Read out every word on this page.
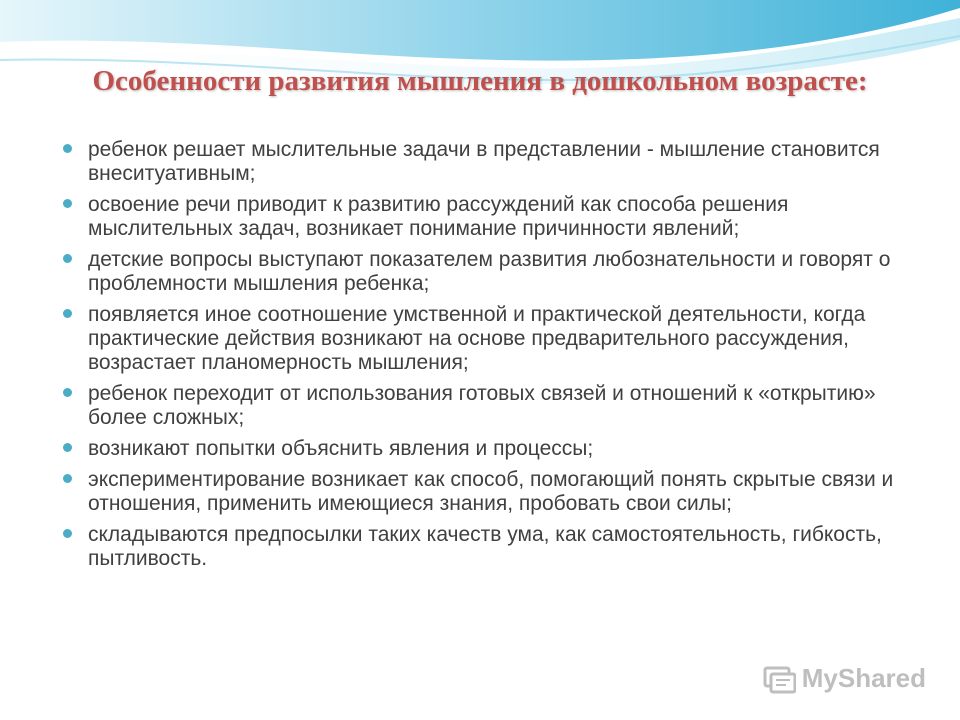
Особенности развития мышления в дошкольном возрасте:
ребенок решает мыслительные задачи в представлении - мышление становится внеситуативным;
освоение речи приводит к развитию рассуждений как способа решения мыслительных задач, возникает понимание причинности явлений;
детские вопросы выступают показателем развития любознательности и говорят о проблемности мышления ребенка;
появляется иное соотношение умственной и практической деятельности, когда практические действия возникают на основе предварительного рассуждения, возрастает планомерность мышления;
ребенок переходит от использования готовых связей и отношений к «открытию» более сложных;
возникают попытки объяснить явления и процессы;
экспериментирование возникает как способ, помогающий понять скрытые связи и отношения, применить имеющиеся знания, пробовать свои силы;
складываются предпосылки таких качеств ума, как самостоятельность, гибкость, пытливость.
MyShared
